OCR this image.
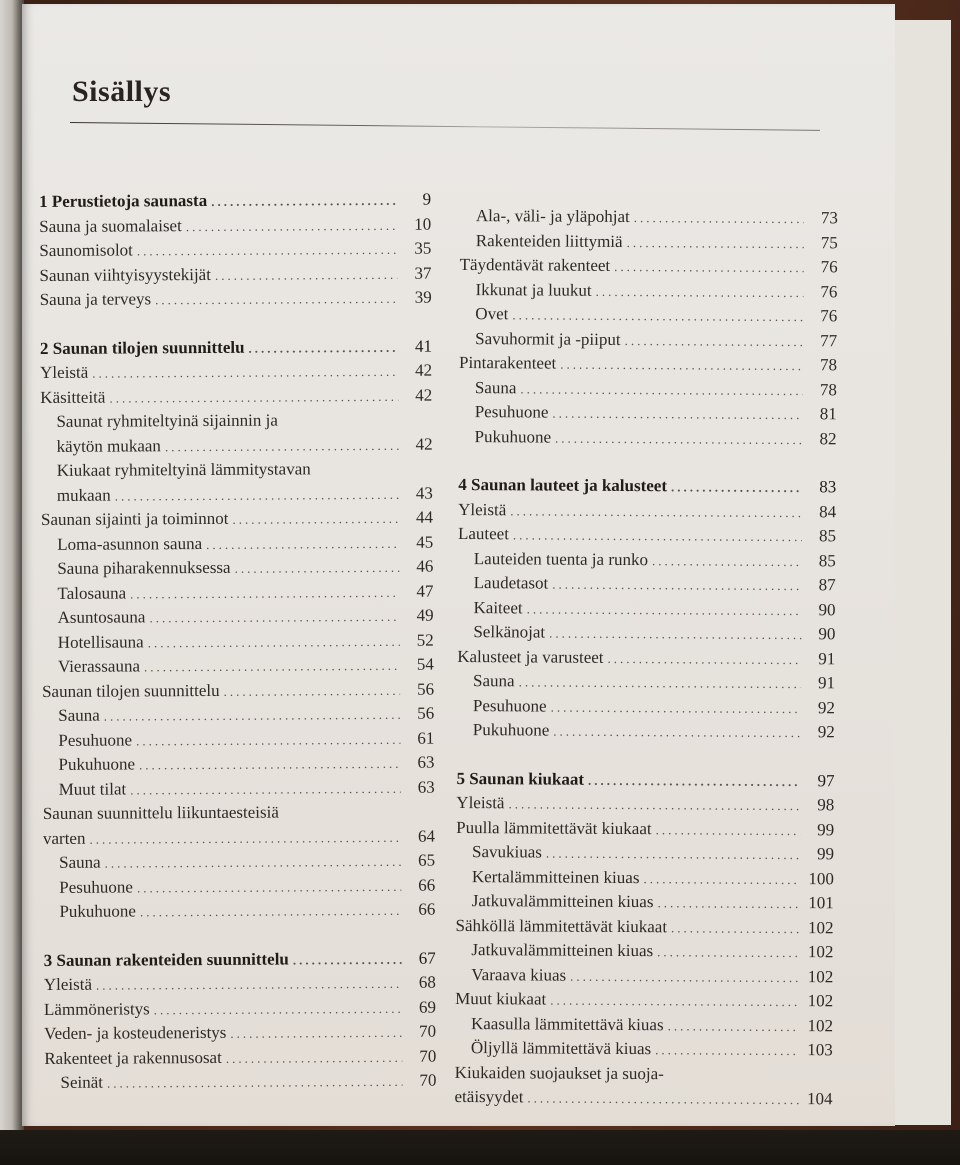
Sisällys
1 Perustietoja saunasta .....	9
Sauna ja suomalaiset .....	10
Saunomisolot .....	35
Saunan viihtyisyystekijät .....	37
Sauna ja terveys .....	39
2 Saunan tilojen suunnittelu .....	41
Yleistä .....	42
Käsitteitä .....	42
Saunat ryhmiteltyinä sijainnin ja
käytön mukaan .....	42
Kiukaat ryhmiteltyinä lämmitystavan
mukaan .....	43
Saunan sijainti ja toiminnot .....	44
Loma-asunnon sauna .....	45
Sauna piharakennuksessa .....	46
Talosauna .....	47
Asuntosauna .....	49
Hotellisauna .....	52
Vierassauna .....	54
Saunan tilojen suunnittelu .....	56
Sauna .....	56
Pesuhuone .....	61
Pukuhuone .....	63
Muut tilat .....	63
Saunan suunnittelu liikuntaesteisiä
varten .....	64
Sauna .....	65
Pesuhuone .....	66
Pukuhuone .....	66
3 Saunan rakenteiden suunnittelu .....	67
Yleistä .....	68
Lämmöneristys .....	69
Veden- ja kosteudeneristys .....	70
Rakenteet ja rakennusosat .....	70
Seinät .....	70
Ala-, väli- ja yläpohjat .....	73
Rakenteiden liittymiä .....	75
Täydentävät rakenteet .....	76
Ikkunat ja luukut .....	76
Ovet .....	76
Savuhormit ja -piiput .....	77
Pintarakenteet .....	78
Sauna .....	78
Pesuhuone .....	81
Pukuhuone .....	82
4 Saunan lauteet ja kalusteet .....	83
Yleistä .....	84
Lauteet .....	85
Lauteiden tuenta ja runko .....	85
Laudetasot .....	87
Kaiteet .....	90
Selkänojat .....	90
Kalusteet ja varusteet .....	91
Sauna .....	91
Pesuhuone .....	92
Pukuhuone .....	92
5 Saunan kiukaat .....	97
Yleistä .....	98
Puulla lämmitettävät kiukaat .....	99
Savukiuas .....	99
Kertalämmitteinen kiuas .....	100
Jatkuvalämmitteinen kiuas .....	101
Sähköllä lämmitettävät kiukaat .....	102
Jatkuvalämmitteinen kiuas .....	102
Varaava kiuas .....	102
Muut kiukaat .....	102
Kaasulla lämmitettävä kiuas .....	102
Öljyllä lämmitettävä kiuas .....	103
Kiukaiden suojaukset ja suoja-
etäisyydet .....	104
